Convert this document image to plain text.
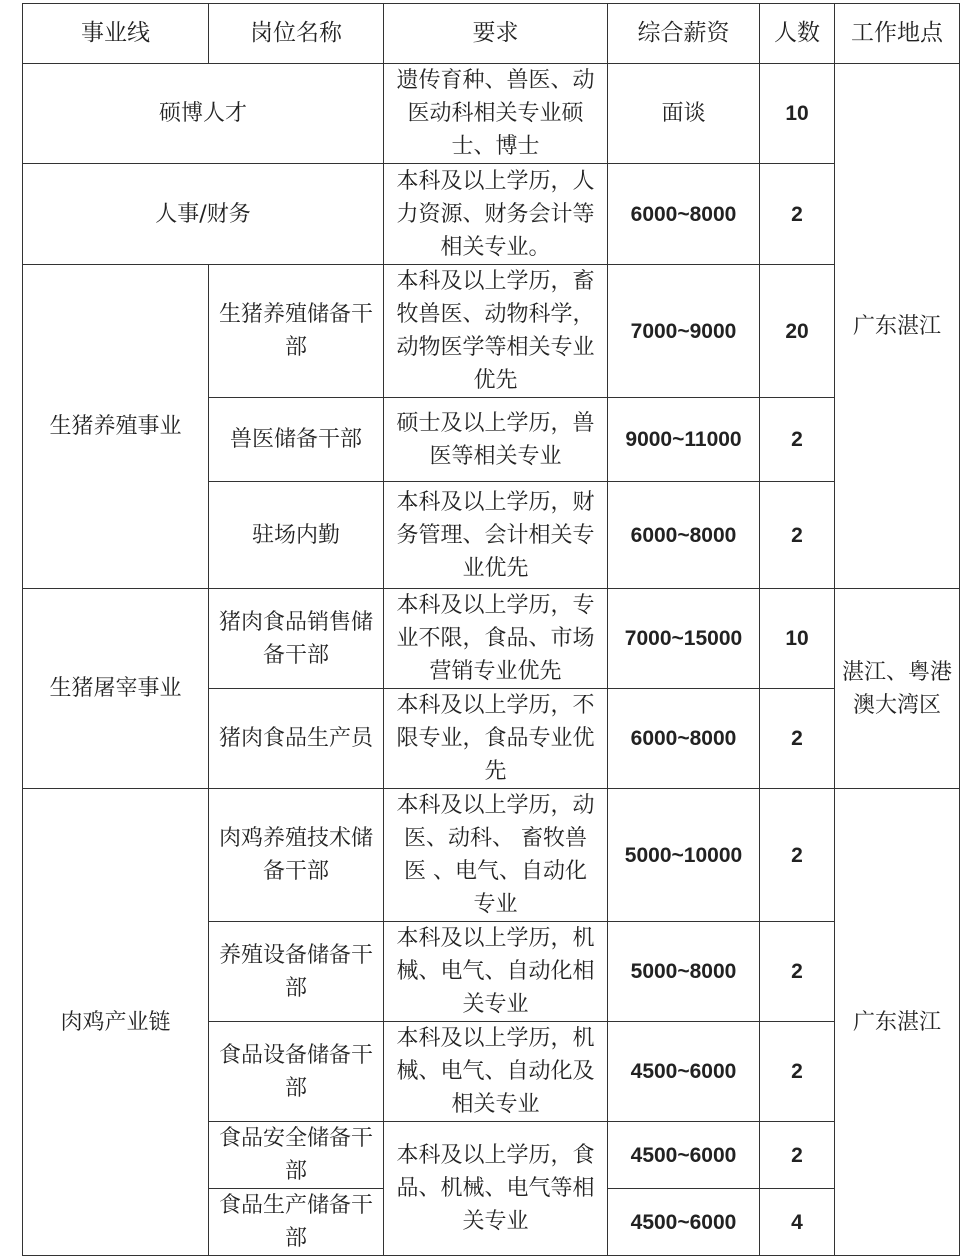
事业线	岗位名称	要求	综合薪资	人数	工作地点
硕博人才		遗传育种、兽医、动医动科相关专业硕士、博士	面谈	10	广东湛江
人事/财务		本科及以上学历，人力资源、财务会计等相关专业。	6000~8000	2	
生猪养殖事业	生猪养殖储备干部	本科及以上学历，畜牧兽医、动物科学，动物医学等相关专业优先	7000~9000	20	
	兽医储备干部	硕士及以上学历，兽医等相关专业	9000~11000	2	
	驻场内勤	本科及以上学历，财务管理、会计相关专业优先	6000~8000	2	
生猪屠宰事业	猪肉食品销售储备干部	本科及以上学历，专业不限，食品、市场营销专业优先	7000~15000	10	湛江、粤港澳大湾区
	猪肉食品生产员	本科及以上学历，不限专业，食品专业优先	6000~8000	2	
肉鸡产业链	肉鸡养殖技术储备干部	本科及以上学历，动医、动科、 畜牧兽医 、电气、自动化专业	5000~10000	2	广东湛江
	养殖设备储备干部	本科及以上学历，机械、电气、自动化相关专业	5000~8000	2	
	食品设备储备干部	本科及以上学历，机械、电气、自动化及相关专业	4500~6000	2	
	食品安全储备干部	本科及以上学历，食品、机械、电气等相关专业	4500~6000	2	
	食品生产储备干部		4500~6000	4	
